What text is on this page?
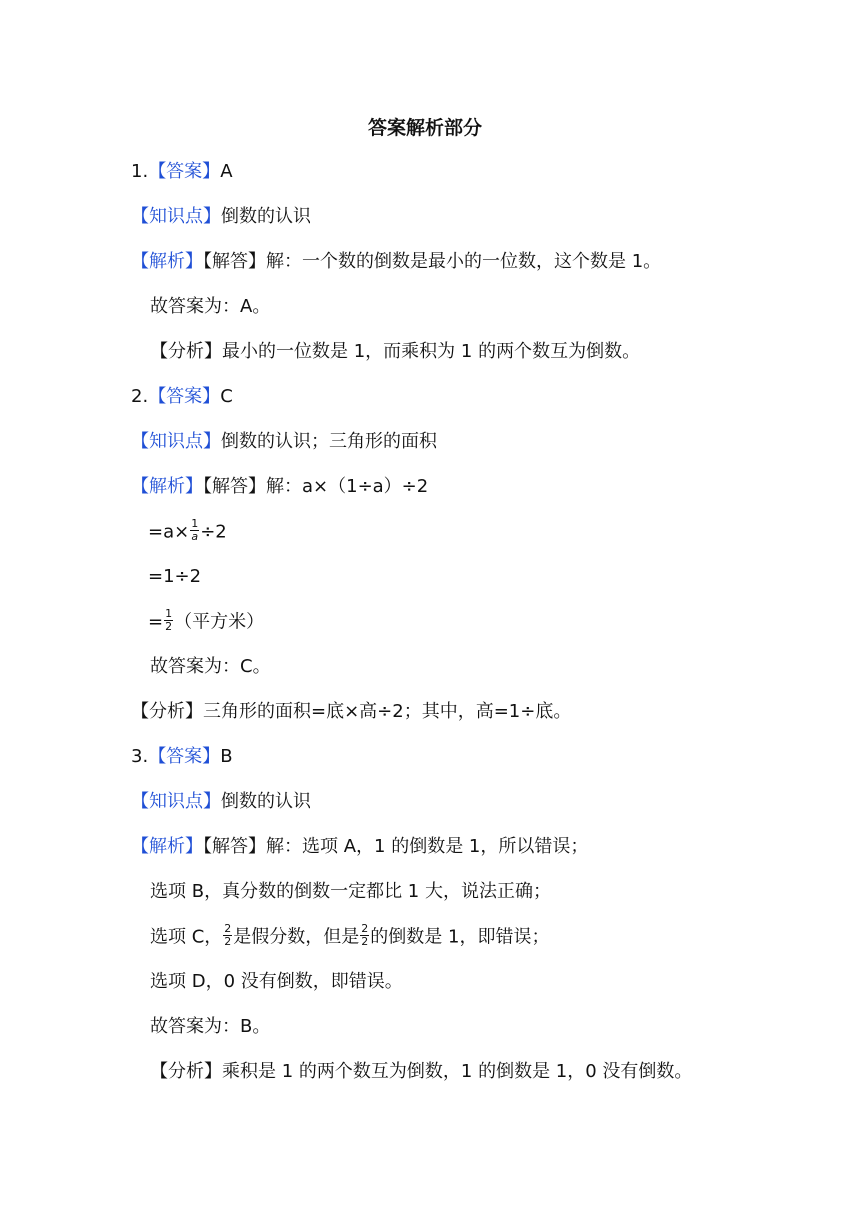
答案解析部分
1.【答案】A
【知识点】倒数的认识
【解析】【解答】解：一个数的倒数是最小的一位数，这个数是 1。
故答案为：A。
【分析】最小的一位数是 1，而乘积为 1 的两个数互为倒数。
2.【答案】C
【知识点】倒数的认识；三角形的面积
【解析】【解答】解：a×（1÷a）÷2
$=a\times \frac{1}{a} \div 2$
=1÷2
= $\frac{1}{2}$ （平方米）
故答案为：C。
【分析】三角形的面积=底×高÷2；其中，高=1÷底。
3.【答案】B
【知识点】倒数的认识
【解析】【解答】解：选项 A，1 的倒数是 1，所以错误；
选项 B，真分数的倒数一定都比 1 大，说法正确；
选项 C， $\frac{2}{2}$ 是假分数，但是 $\frac{2}{2}$ 的倒数是 1，即错误；
选项 D，0 没有倒数，即错误。
故答案为：B。
【分析】乘积是 1 的两个数互为倒数，1 的倒数是 1，0 没有倒数。
